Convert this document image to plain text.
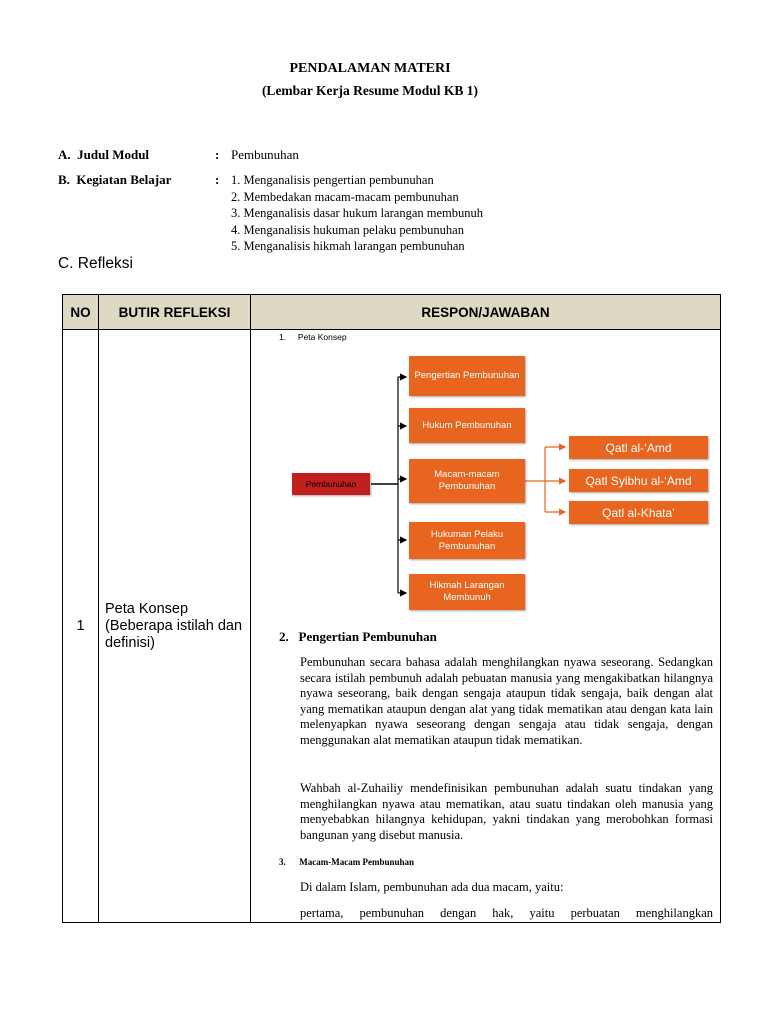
PENDALAMAN MATERI
(Lembar Kerja Resume Modul KB 1)
A.  Judul Modul	: Pembunuhan
B.  Kegiatan Belajar	: 1. Menganalisis pengertian pembunuhan
2. Membedakan macam-macam pembunuhan
3. Menganalisis dasar hukum larangan membunuh
4. Menganalisis hukuman pelaku pembunuhan
5. Menganalisis hikmah larangan pembunuhan
C. Refleksi
NO	BUTIR REFLEKSI	RESPON/JAWABAN
1	Peta Konsep (Beberapa istilah dan definisi)	
1.     Peta Konsep
Pembunuhan
Pengertian Pembunuhan
Hukum Pembunuhan
Macam-macam Pembunuhan
Hukuman Pelaku Pembunuhan
Hikmah Larangan Membunuh
Qatl al-‘Amd
Qatl Syibhu al-‘Amd
Qatl al-Khata’
2.   Pengertian Pembunuhan
Pembunuhan secara bahasa adalah menghilangkan nyawa seseorang. Sedangkan secara istilah pembunuh adalah pebuatan manusia yang mengakibatkan hilangnya nyawa seseorang, baik dengan sengaja ataupun tidak sengaja, baik dengan alat yang mematikan ataupun dengan alat yang tidak mematikan atau dengan kata lain melenyapkan nyawa seseorang dengan sengaja atau tidak sengaja, dengan menggunakan alat mematikan ataupun tidak mematikan.
Wahbah al-Zuhailiy mendefinisikan pembunuhan adalah suatu tindakan yang menghilangkan nyawa atau mematikan, atau suatu tindakan oleh manusia yang menyebabkan hilangnya kehidupan, yakni tindakan yang merobohkan formasi bangunan yang disebut manusia.
3.      Macam-Macam Pembunuhan
Di dalam Islam, pembunuhan ada dua macam, yaitu:
pertama, pembunuhan dengan hak, yaitu perbuatan menghilangkan
